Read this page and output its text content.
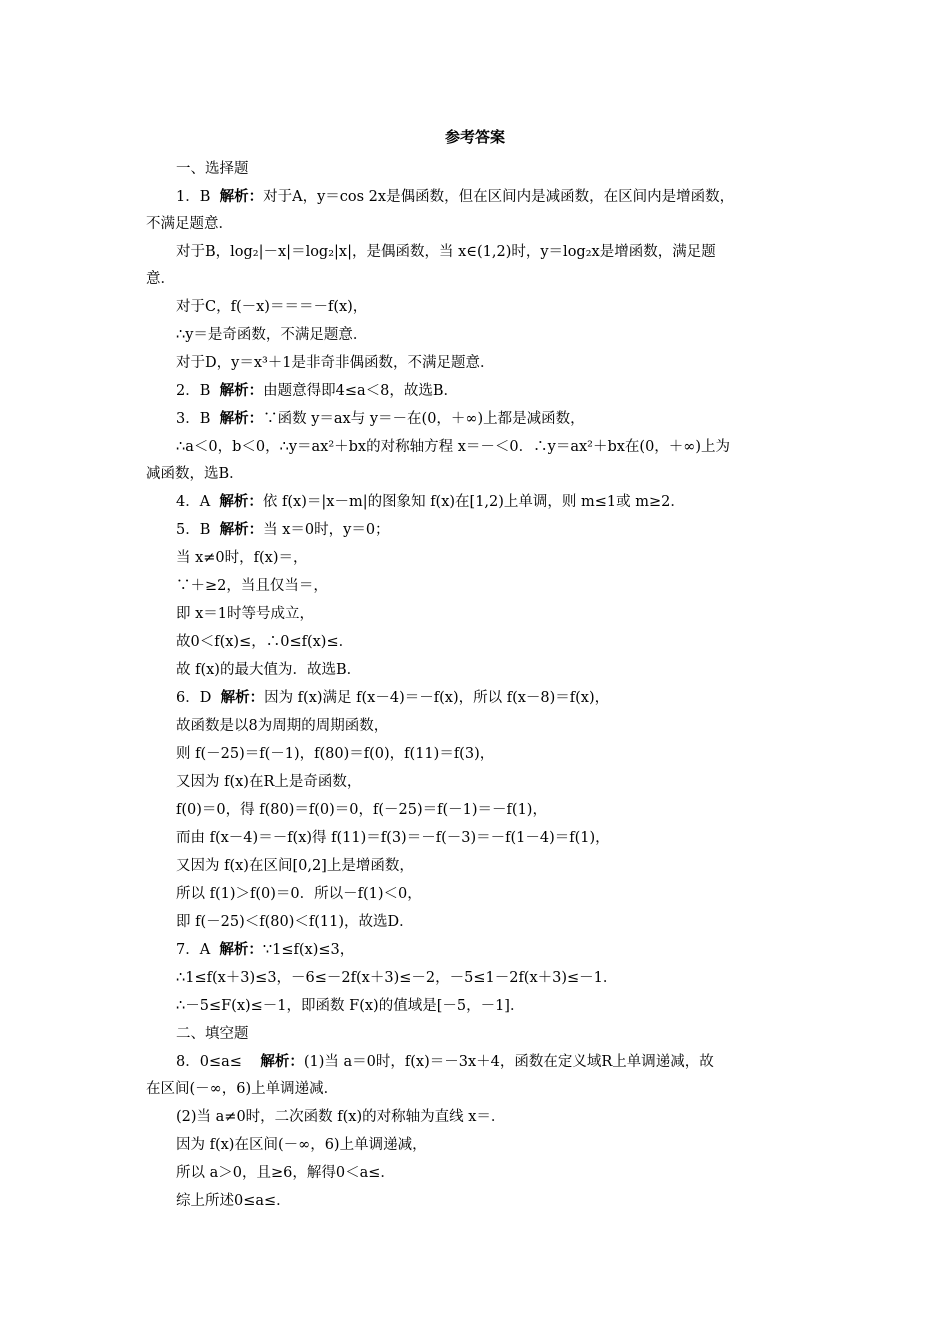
参考答案
一、选择题
1．B 解析：对于A，y＝cos 2x是偶函数，但在区间内是减函数，在区间内是增函数，
不满足题意．
对于B，log₂|－x|＝log₂|x|，是偶函数，当 x∈(1,2)时，y＝log₂x是增函数，满足题
意．
对于C，f(－x)＝＝＝－f(x)，
∴y＝是奇函数，不满足题意．
对于D，y＝x³＋1是非奇非偶函数，不满足题意．
2．B 解析：由题意得即4≤a＜8，故选B．
3．B 解析：∵函数 y＝ax与 y＝－在(0，＋∞)上都是减函数，
∴a＜0，b＜0，∴y＝ax²＋bx的对称轴方程 x＝－＜0．∴y＝ax²＋bx在(0，＋∞)上为
减函数，选B．
4．A 解析：依 f(x)＝|x－m|的图象知 f(x)在[1,2)上单调，则 m≤1或 m≥2．
5．B 解析：当 x＝0时，y＝0；
当 x≠0时，f(x)＝，
∵＋≥2，当且仅当＝，
即 x＝1时等号成立，
故0＜f(x)≤，∴0≤f(x)≤．
故 f(x)的最大值为．故选B．
6．D 解析：因为 f(x)满足 f(x－4)＝－f(x)，所以 f(x－8)＝f(x)，
故函数是以8为周期的周期函数，
则 f(－25)＝f(－1)，f(80)＝f(0)，f(11)＝f(3)，
又因为 f(x)在R上是奇函数，
f(0)＝0，得 f(80)＝f(0)＝0，f(－25)＝f(－1)＝－f(1)，
而由 f(x－4)＝－f(x)得 f(11)＝f(3)＝－f(－3)＝－f(1－4)＝f(1)，
又因为 f(x)在区间[0,2]上是增函数，
所以 f(1)＞f(0)＝0．所以－f(1)＜0，
即 f(－25)＜f(80)＜f(11)，故选D．
7．A 解析：∵1≤f(x)≤3，
∴1≤f(x＋3)≤3，－6≤－2f(x＋3)≤－2，－5≤1－2f(x＋3)≤－1．
∴－5≤F(x)≤－1，即函数 F(x)的值域是[－5，－1]．
二、填空题
8．0≤a≤ 解析：(1)当 a＝0时，f(x)＝－3x＋4，函数在定义域R上单调递减，故
在区间(－∞，6)上单调递减．
(2)当 a≠0时，二次函数 f(x)的对称轴为直线 x＝．
因为 f(x)在区间(－∞，6)上单调递减，
所以 a＞0，且≥6，解得0＜a≤．
综上所述0≤a≤．
